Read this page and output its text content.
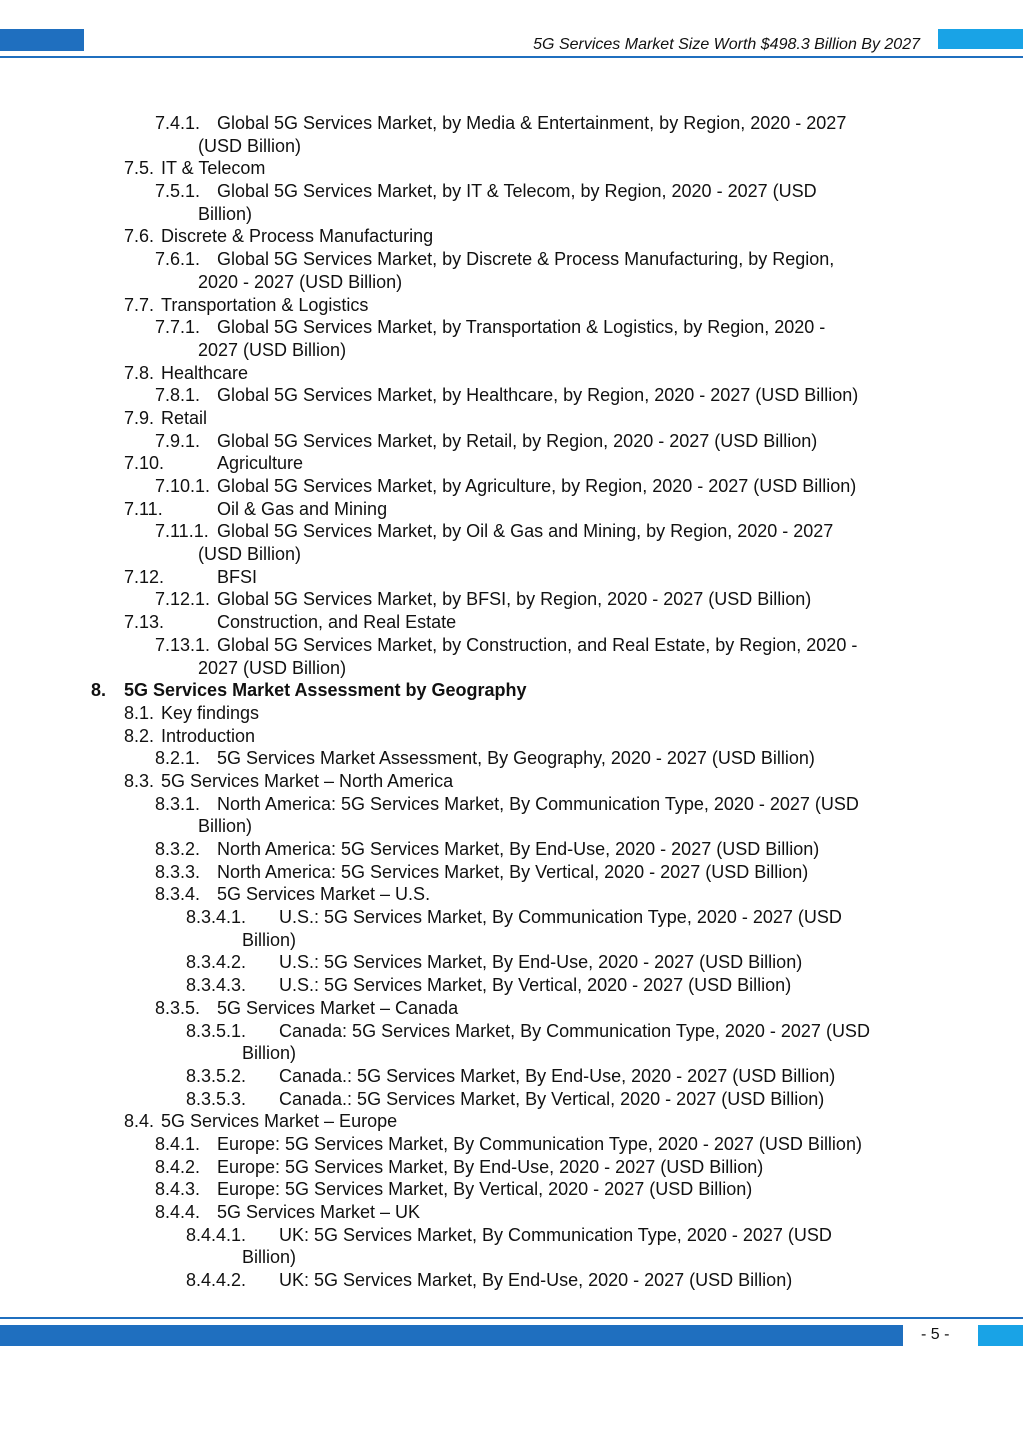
5G Services Market Size Worth $498.3 Billion By 2027
7.4.1. Global 5G Services Market, by Media & Entertainment, by Region, 2020 - 2027
(USD Billion)
7.5. IT & Telecom
7.5.1. Global 5G Services Market, by IT & Telecom, by Region, 2020 - 2027 (USD
Billion)
7.6. Discrete & Process Manufacturing
7.6.1. Global 5G Services Market, by Discrete & Process Manufacturing, by Region,
2020 - 2027 (USD Billion)
7.7. Transportation & Logistics
7.7.1. Global 5G Services Market, by Transportation & Logistics, by Region, 2020 -
2027 (USD Billion)
7.8. Healthcare
7.8.1. Global 5G Services Market, by Healthcare, by Region, 2020 - 2027 (USD Billion)
7.9. Retail
7.9.1. Global 5G Services Market, by Retail, by Region, 2020 - 2027 (USD Billion)
7.10.	Agriculture
7.10.1. Global 5G Services Market, by Agriculture, by Region, 2020 - 2027 (USD Billion)
7.11.	Oil & Gas and Mining
7.11.1. Global 5G Services Market, by Oil & Gas and Mining, by Region, 2020 - 2027
(USD Billion)
7.12.	BFSI
7.12.1. Global 5G Services Market, by BFSI, by Region, 2020 - 2027 (USD Billion)
7.13.	Construction, and Real Estate
7.13.1. Global 5G Services Market, by Construction, and Real Estate, by Region, 2020 -
2027 (USD Billion)
8. 5G Services Market Assessment by Geography
8.1. Key findings
8.2. Introduction
8.2.1. 5G Services Market Assessment, By Geography, 2020 - 2027 (USD Billion)
8.3. 5G Services Market – North America
8.3.1. North America: 5G Services Market, By Communication Type, 2020 - 2027 (USD
Billion)
8.3.2. North America: 5G Services Market, By End-Use, 2020 - 2027 (USD Billion)
8.3.3. North America: 5G Services Market, By Vertical, 2020 - 2027 (USD Billion)
8.3.4. 5G Services Market – U.S.
8.3.4.1. U.S.: 5G Services Market, By Communication Type, 2020 - 2027 (USD
Billion)
8.3.4.2. U.S.: 5G Services Market, By End-Use, 2020 - 2027 (USD Billion)
8.3.4.3. U.S.: 5G Services Market, By Vertical, 2020 - 2027 (USD Billion)
8.3.5. 5G Services Market – Canada
8.3.5.1. Canada: 5G Services Market, By Communication Type, 2020 - 2027 (USD
Billion)
8.3.5.2. Canada.: 5G Services Market, By End-Use, 2020 - 2027 (USD Billion)
8.3.5.3. Canada.: 5G Services Market, By Vertical, 2020 - 2027 (USD Billion)
8.4. 5G Services Market – Europe
8.4.1. Europe: 5G Services Market, By Communication Type, 2020 - 2027 (USD Billion)
8.4.2. Europe: 5G Services Market, By End-Use, 2020 - 2027 (USD Billion)
8.4.3. Europe: 5G Services Market, By Vertical, 2020 - 2027 (USD Billion)
8.4.4. 5G Services Market – UK
8.4.4.1. UK: 5G Services Market, By Communication Type, 2020 - 2027 (USD
Billion)
8.4.4.2. UK: 5G Services Market, By End-Use, 2020 - 2027 (USD Billion)
- 5 -
